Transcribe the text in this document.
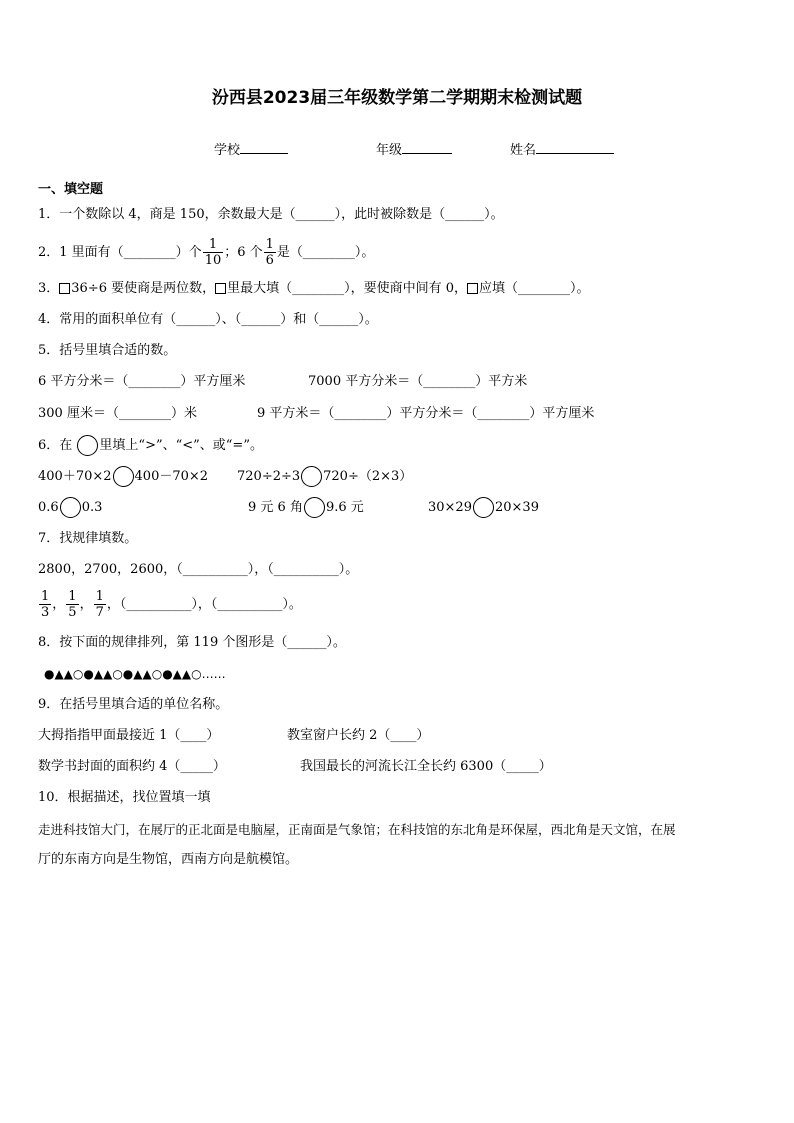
汾西县2023届三年级数学第二学期期末检测试题
学校	年级	姓名
一、填空题
1．一个数除以 4，商是 150，余数最大是（______），此时被除数是（______）。
2．1 里面有（________）个 $\frac{1}{10}$ ；6 个 $\frac{1}{6}$ 是（________）。
3． 36÷6 要使商是两位数， 里最大填（________），要使商中间有 0， 应填（________）。
4．常用的面积单位有（______）、（______）和（______）。
5．括号里填合适的数。
6 平方分米＝（________）平方厘米	7000 平方分米＝（________）平方米
300 厘米＝（________）米	9 平方米＝（________）平方分米＝（________）平方厘米
6．在 里填上“>”、“<”、或“=”。
400＋70×2 400－70×2 720÷2÷3 720÷（2×3）
0.6 0.3	9 元 6 角 9.6 元	30×29 20×39
7．找规律填数。
2800，2700，2600，（__________），（__________）。
$\frac{1}{3}$ ， $\frac{1}{5}$ ， $\frac{1}{7}$ ，（__________），（__________）。
8．按下面的规律排列，第 119 个图形是（______）。
●▲▲○●▲▲○●▲▲○●▲▲○……
9．在括号里填合适的单位名称。
大拇指指甲面最接近 1（____）	教室窗户长约 2（____）
数学书封面的面积约 4（_____）	我国最长的河流长江全长约 6300（_____）
10．根据描述，找位置填一填
走进科技馆大门，在展厅的正北面是电脑屋，正南面是气象馆；在科技馆的东北角是环保屋，西北角是天文馆，在展
厅的东南方向是生物馆，西南方向是航模馆。
